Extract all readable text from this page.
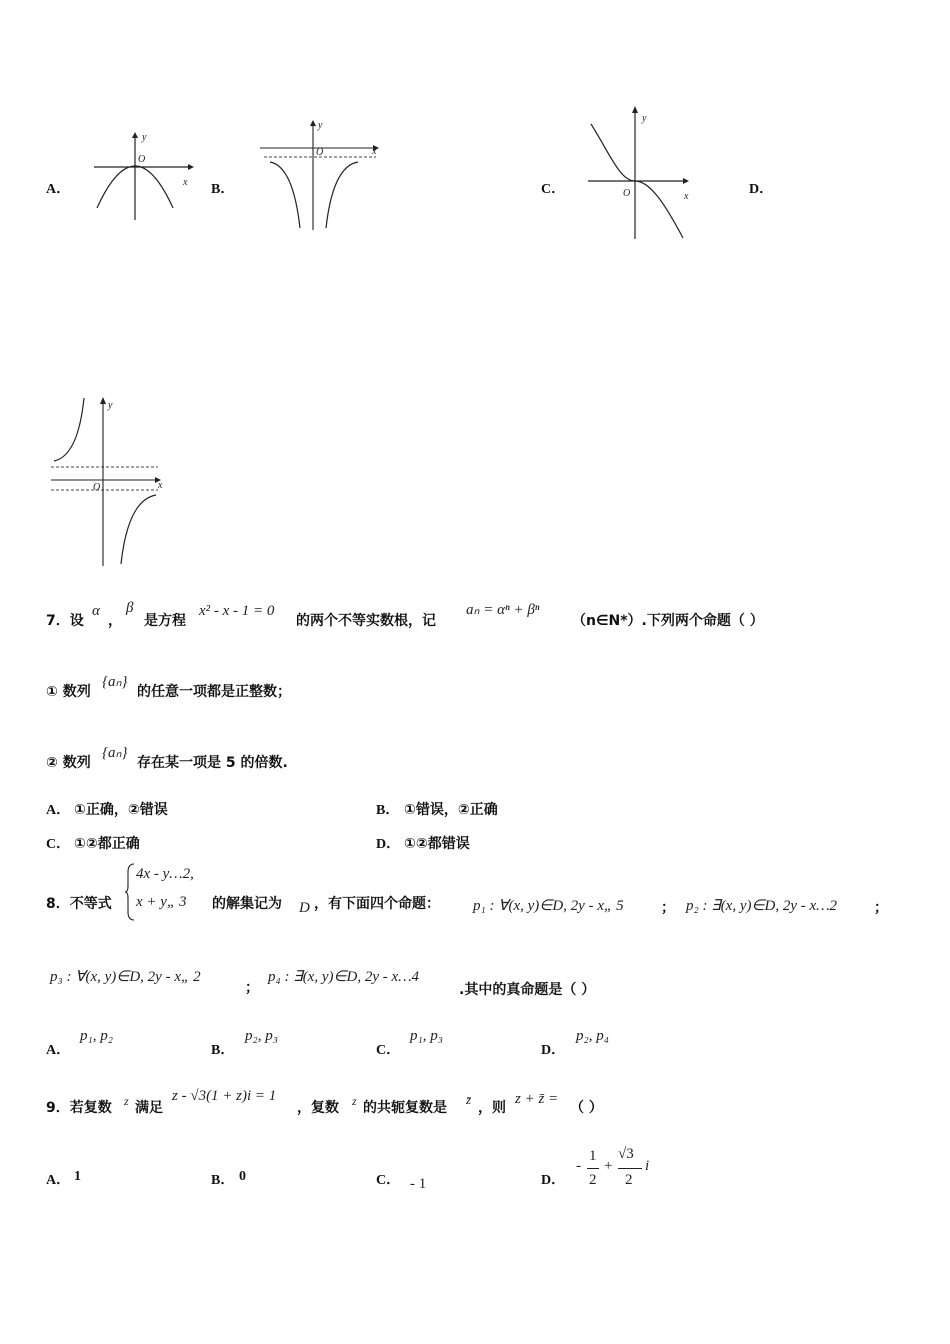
A．
y
x
O
B．
y
x
O
C．
y
x
O	D．
y
x
O
7．设
α
，
β
是方程
x² - x - 1 = 0
的两个不等实数根，记
aₙ = αⁿ + βⁿ
（n∈N*）.下列两个命题（ ）
① 数列
{aₙ}
的任意一项都是正整数；
② 数列
{aₙ}
存在某一项是 5 的倍数.
A． ①正确，②错误	B． ①错误，②正确
C． ①②都正确	D． ①②都错误
8．不等式
4x - y…2,
x + y„ 3 的解集记为 D ，有下面四个命题： p₁ : ∀(x, y)∈D, 2y - x„ 5	； p₂ : ∃(x, y)∈D, 2y - x…2	；
p₃ : ∀(x, y)∈D, 2y - x„ 2
；
p₄ : ∃(x, y)∈D, 2y - x…4
.其中的真命题是（ ）
A．
p₁, p₂
B．
p₂, p₃
C．
p₁, p₃
D．
p₂, p₄
9．若复数 z 满足
z - √3(1 + z)i = 1
，复数 z 的共轭复数是
z̄
，则
z + z̄ =
（ ）
A． 1	B． 0	C． - 1	D．
-
1
2
+
√3
2
i
